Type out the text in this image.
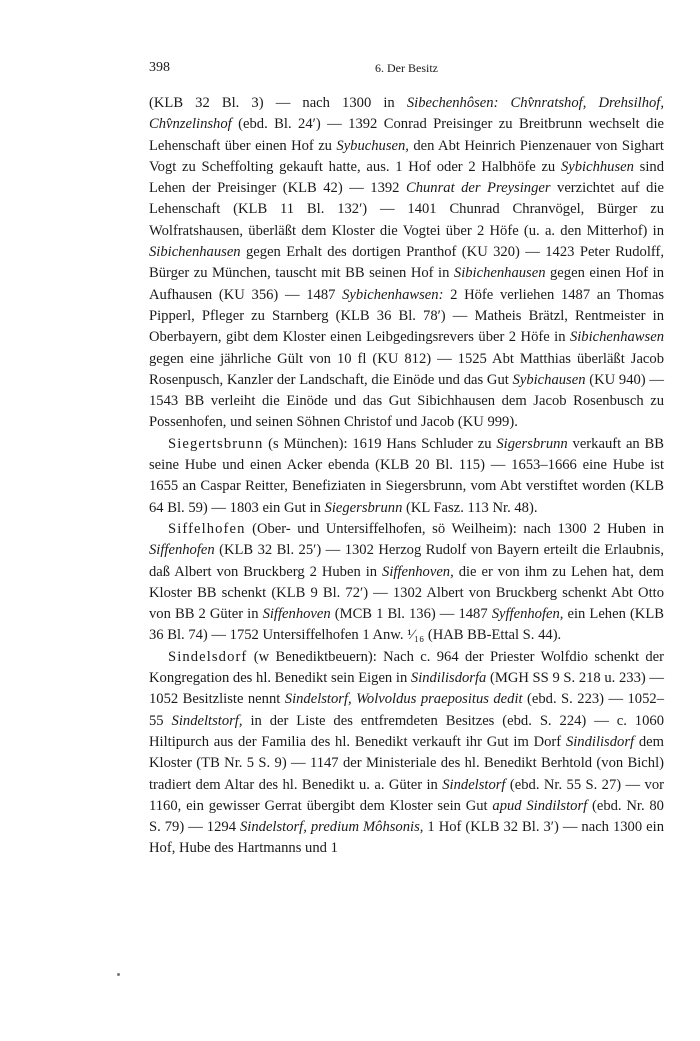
398	6. Der Besitz

(KLB 32 Bl. 3) — nach 1300 in Sibechenhôsen: Chv̂nratshof, Drehsilhof, Chv̂nzelinshof (ebd. Bl. 24′) — 1392 Conrad Preisinger zu Breitbrunn wechselt die Lehenschaft über einen Hof zu Sybuchusen, den Abt Heinrich Pienzenauer von Sighart Vogt zu Scheffolting gekauft hatte, aus. 1 Hof oder 2 Halbhöfe zu Sybichhusen sind Lehen der Preisinger (KLB 42) — 1392 Chunrat der Preysinger verzichtet auf die Lehenschaft (KLB 11 Bl. 132′) — 1401 Chunrad Chranvögel, Bürger zu Wolfratshausen, überläßt dem Kloster die Vogtei über 2 Höfe (u. a. den Mitterhof) in Sibichenhausen gegen Erhalt des dortigen Pranthof (KU 320) — 1423 Peter Rudolff, Bürger zu München, tauscht mit BB seinen Hof in Sibichenhausen gegen einen Hof in Aufhausen (KU 356) — 1487 Sybichenhawsen: 2 Höfe verliehen 1487 an Thomas Pipperl, Pfleger zu Starnberg (KLB 36 Bl. 78′) — Matheis Brätzl, Rentmeister in Oberbayern, gibt dem Kloster einen Leibgedingsrevers über 2 Höfe in Sibichenhawsen gegen eine jährliche Gült von 10 fl (KU 812) — 1525 Abt Matthias überläßt Jacob Rosenpusch, Kanzler der Landschaft, die Einöde und das Gut Sybichausen (KU 940) — 1543 BB verleiht die Einöde und das Gut Sibichhausen dem Jacob Rosenbusch zu Possenhofen, und seinen Söhnen Christof und Jacob (KU 999).

Siegertsbrunn (s München): 1619 Hans Schluder zu Sigersbrunn verkauft an BB seine Hube und einen Acker ebenda (KLB 20 Bl. 115) — 1653–1666 eine Hube ist 1655 an Caspar Reitter, Benefiziaten in Siegersbrunn, vom Abt verstiftet worden (KLB 64 Bl. 59) — 1803 ein Gut in Siegersbrunn (KL Fasz. 113 Nr. 48).

Siffelhofen (Ober- und Untersiffelhofen, sö Weilheim): nach 1300 2 Huben in Siffenhofen (KLB 32 Bl. 25′) — 1302 Herzog Rudolf von Bayern erteilt die Erlaubnis, daß Albert von Bruckberg 2 Huben in Siffenhoven, die er von ihm zu Lehen hat, dem Kloster BB schenkt (KLB 9 Bl. 72′) — 1302 Albert von Bruckberg schenkt Abt Otto von BB 2 Güter in Siffenhoven (MCB 1 Bl. 136) — 1487 Syffenhofen, ein Lehen (KLB 36 Bl. 74) — 1752 Untersiffelhofen 1 Anw. ¹⁄₁₆ (HAB BB-Ettal S. 44).

Sindelsdorf (w Benediktbeuern): Nach c. 964 der Priester Wolfdio schenkt der Kongregation des hl. Benedikt sein Eigen in Sindilisdorfa (MGH SS 9 S. 218 u. 233) — 1052 Besitzliste nennt Sindelstorf, Wolvoldus praepositus dedit (ebd. S. 223) — 1052–55 Sindeltstorf, in der Liste des entfremdeten Besitzes (ebd. S. 224) — c. 1060 Hiltipurch aus der Familia des hl. Benedikt verkauft ihr Gut im Dorf Sindilisdorf dem Kloster (TB Nr. 5 S. 9) — 1147 der Ministeriale des hl. Benedikt Berhtold (von Bichl) tradiert dem Altar des hl. Benedikt u. a. Güter in Sindelstorf (ebd. Nr. 55 S. 27) — vor 1160, ein gewisser Gerrat übergibt dem Kloster sein Gut apud Sindilstorf (ebd. Nr. 80 S. 79) — 1294 Sindelstorf, predium Môhsonis, 1 Hof (KLB 32 Bl. 3′) — nach 1300 ein Hof, Hube des Hartmanns und 1
